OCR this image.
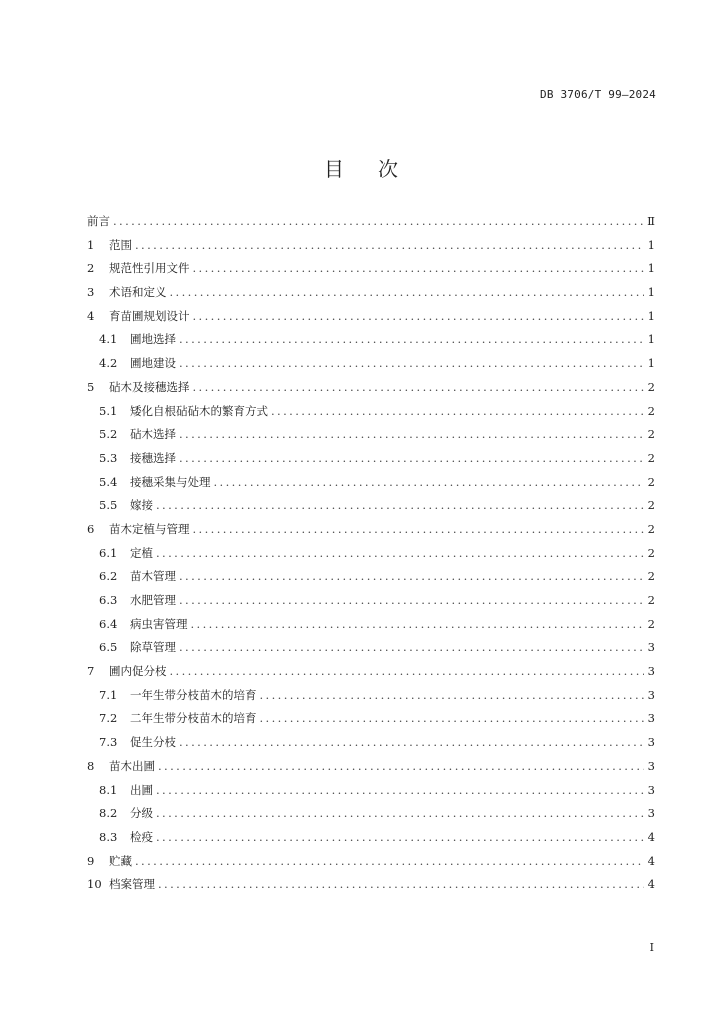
DB 3706/T 99—2024
目 次
前言 .....	Ⅱ
1	范围 .....	1
2	规范性引用文件 .....	1
3	术语和定义 .....	1
4	育苗圃规划设计 .....	1
4.1	圃地选择 .....	1
4.2	圃地建设 .....	1
5	砧木及接穗选择 .....	2
5.1	矮化自根砧砧木的繁育方式 .....	2
5.2	砧木选择 .....	2
5.3	接穗选择 .....	2
5.4	接穗采集与处理 .....	2
5.5	嫁接 .....	2
6	苗木定植与管理 .....	2
6.1	定植 .....	2
6.2	苗木管理 .....	2
6.3	水肥管理 .....	2
6.4	病虫害管理 .....	2
6.5	除草管理 .....	3
7	圃内促分枝 .....	3
7.1	一年生带分枝苗木的培育 .....	3
7.2	二年生带分枝苗木的培育 .....	3
7.3	促生分枝 .....	3
8	苗木出圃 .....	3
8.1	出圃 .....	3
8.2	分级 .....	3
8.3	检疫 .....	4
9	贮藏 .....	4
10 档案管理 .....	4
I
